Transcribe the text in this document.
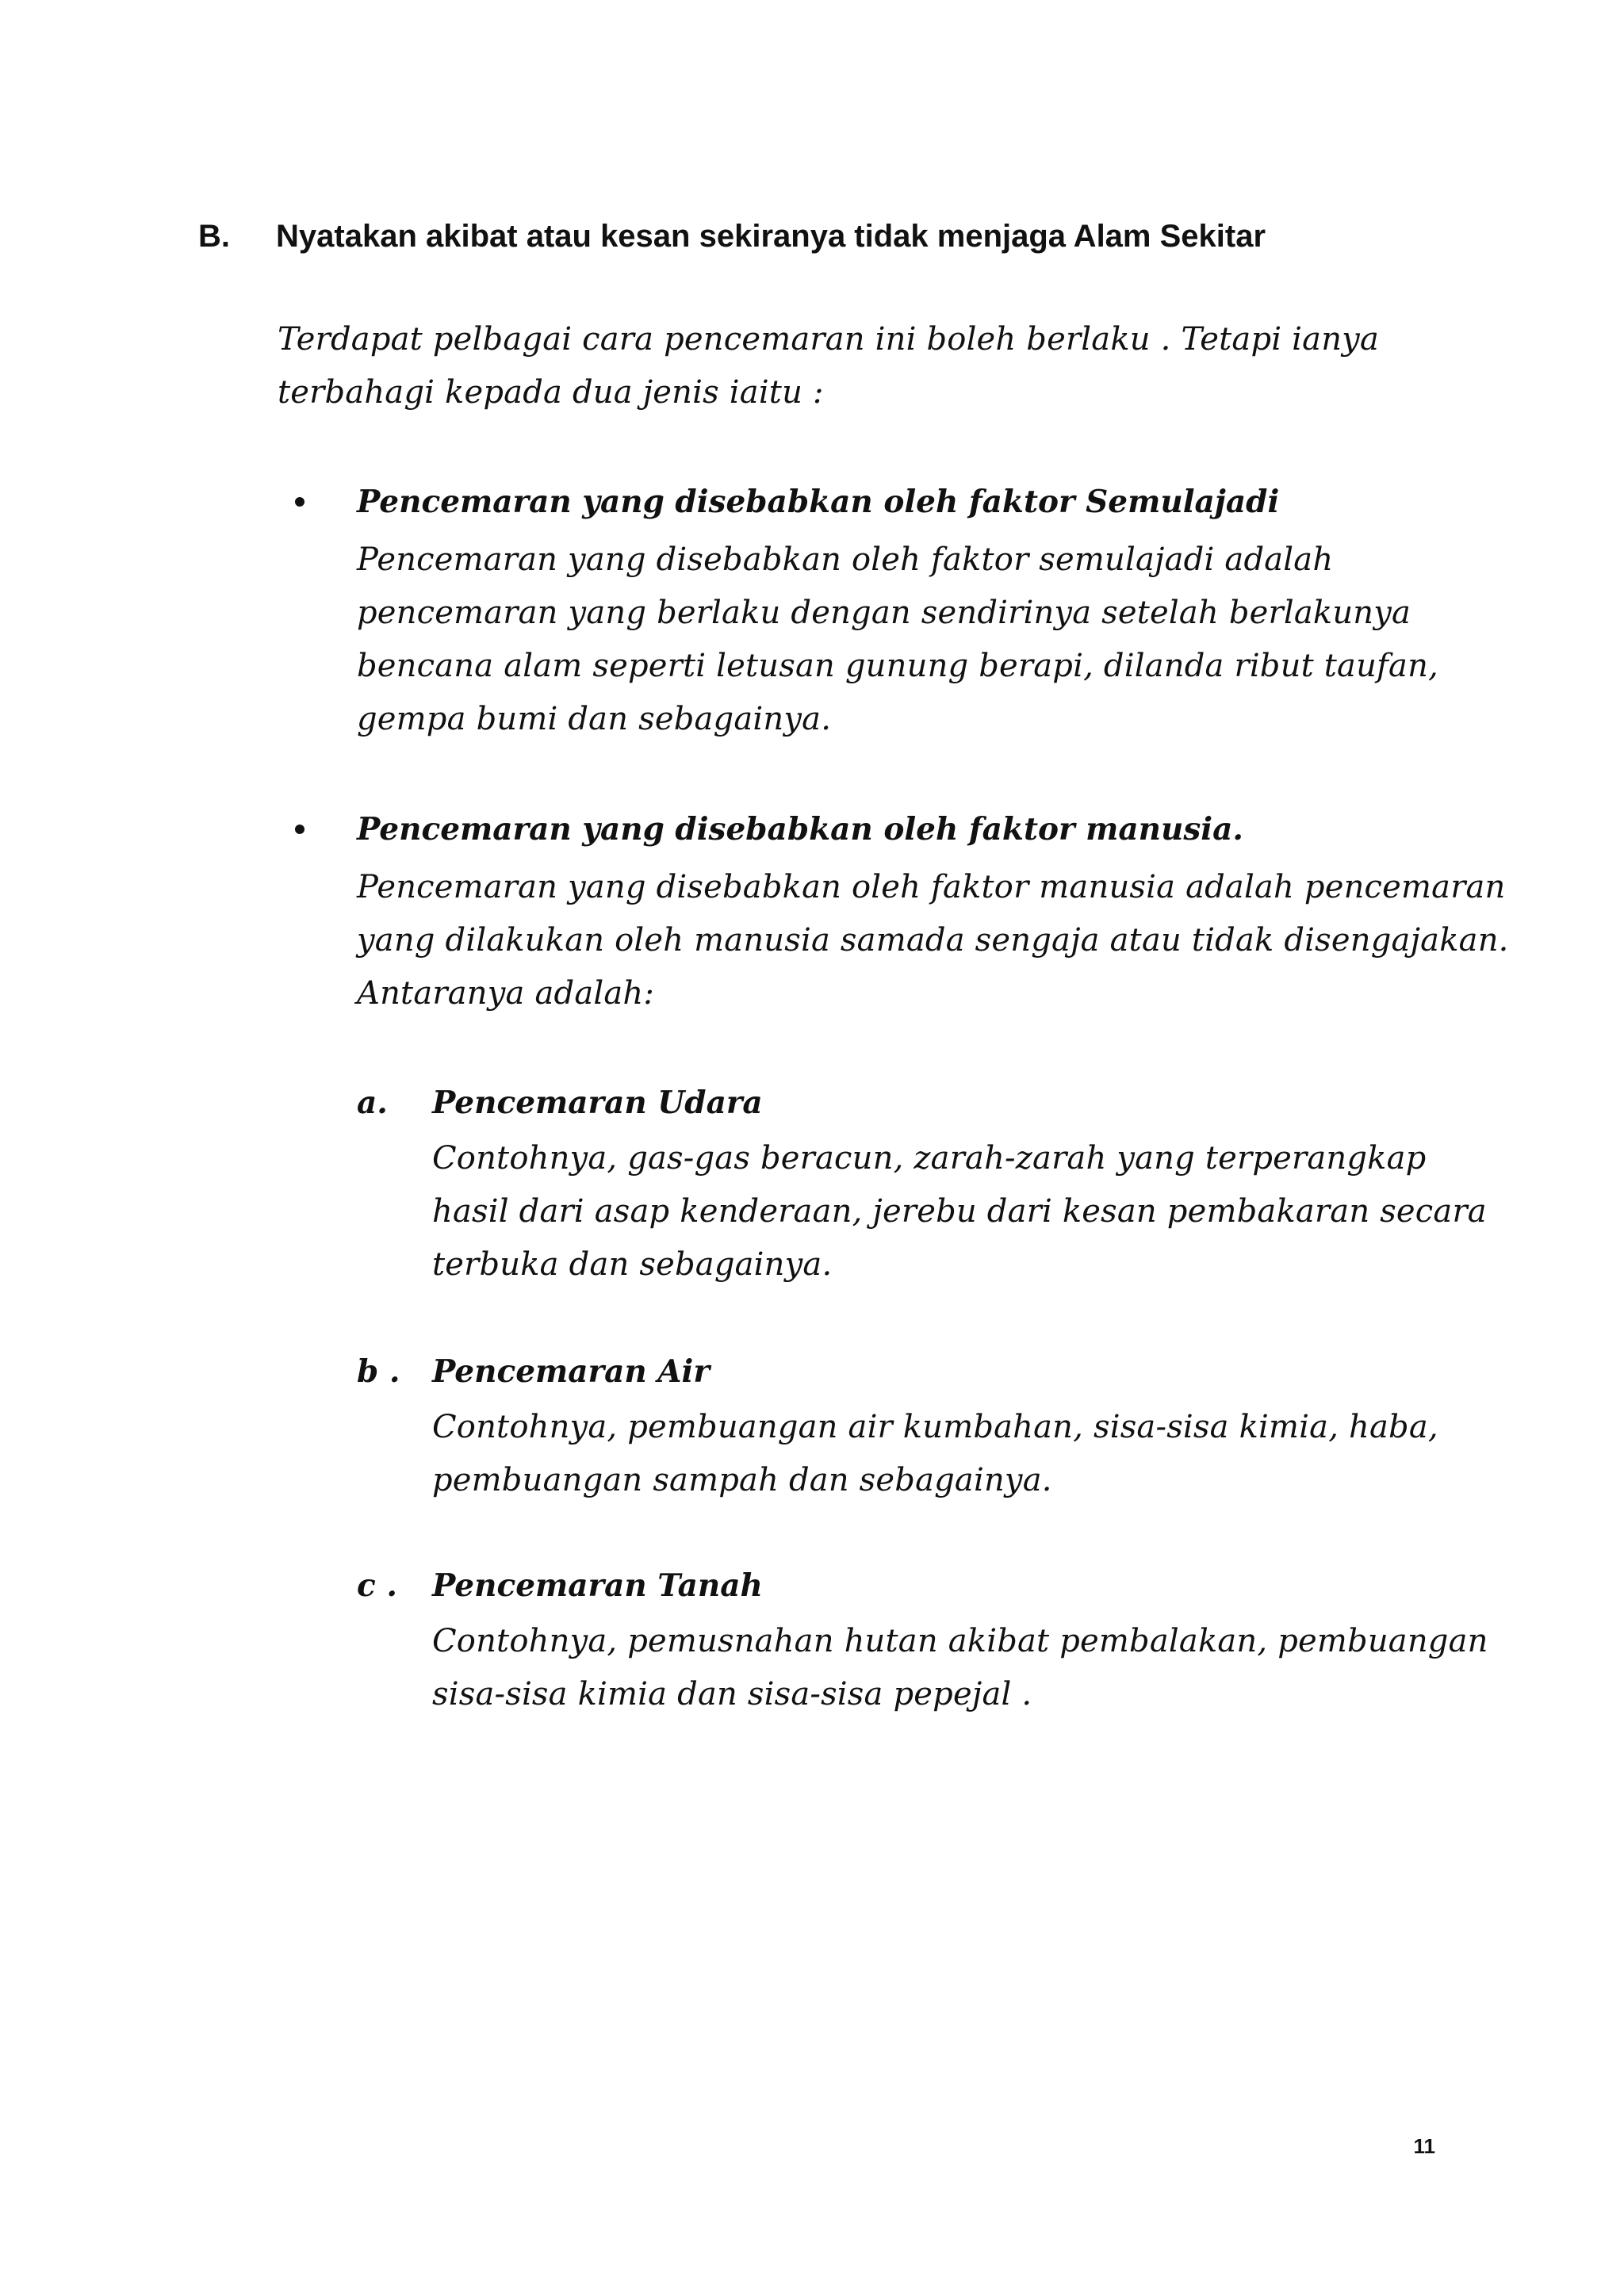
B. Nyatakan akibat atau kesan sekiranya tidak menjaga Alam Sekitar
Terdapat pelbagai cara pencemaran ini boleh berlaku . Tetapi ianya
terbahagi kepada dua jenis iaitu :
Pencemaran yang disebabkan oleh faktor Semulajadi
Pencemaran yang disebabkan oleh faktor semulajadi adalah
pencemaran yang berlaku dengan sendirinya setelah berlakunya
bencana alam seperti letusan gunung berapi, dilanda ribut taufan,
gempa bumi dan sebagainya.
Pencemaran yang disebabkan oleh faktor manusia.
Pencemaran yang disebabkan oleh faktor manusia adalah pencemaran
yang dilakukan oleh manusia samada sengaja atau tidak disengajakan.
Antaranya adalah:
a. Pencemaran Udara
Contohnya, gas-gas beracun, zarah-zarah yang terperangkap
hasil dari asap kenderaan, jerebu dari kesan pembakaran secara
terbuka dan sebagainya.
b . Pencemaran Air
Contohnya, pembuangan air kumbahan, sisa-sisa kimia, haba,
pembuangan sampah dan sebagainya.
c . Pencemaran Tanah
Contohnya, pemusnahan hutan akibat pembalakan, pembuangan
sisa-sisa kimia dan sisa-sisa pepejal .
11
